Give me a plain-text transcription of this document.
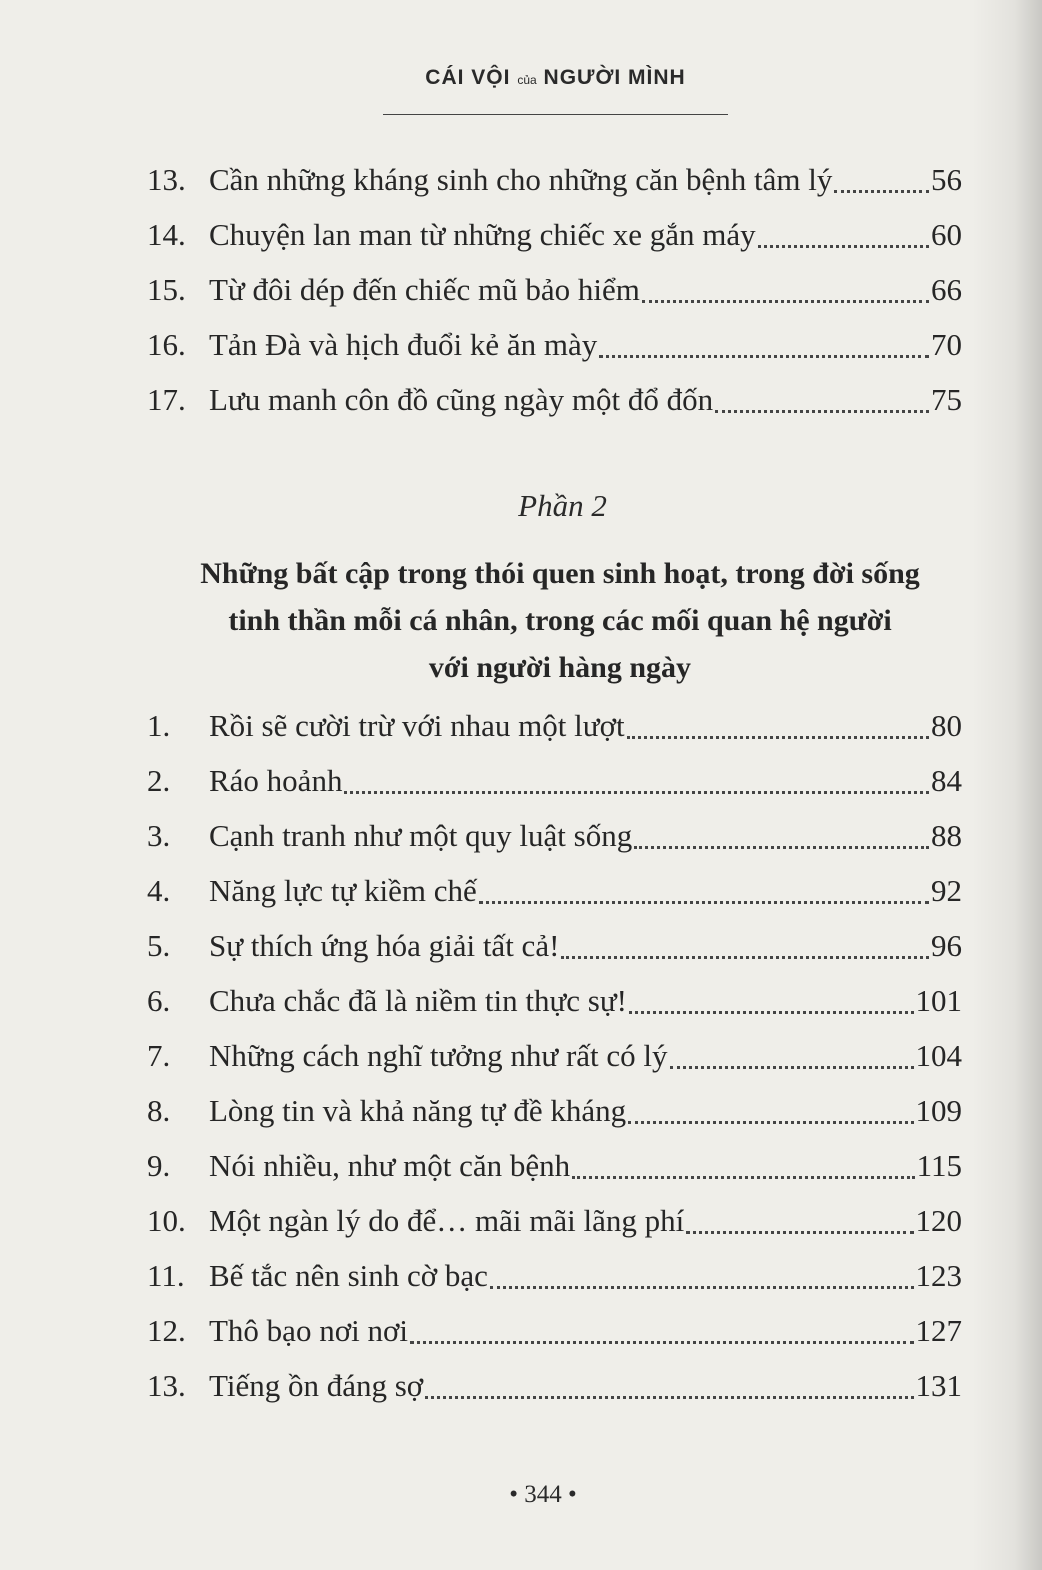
CÁI VỘI của NGƯỜI MÌNH
13. Cần những kháng sinh cho những căn bệnh tâm lý	56
14. Chuyện lan man từ những chiếc xe gắn máy	60
15. Từ đôi dép đến chiếc mũ bảo hiểm	66
16. Tản Đà và hịch đuổi kẻ ăn mày	70
17. Lưu manh côn đồ cũng ngày một đổ đốn	75
Phần 2
Những bất cập trong thói quen sinh hoạt, trong đời sống
tinh thần mỗi cá nhân, trong các mối quan hệ người
với người hàng ngày
1. Rồi sẽ cười trừ với nhau một lượt	80
2. Ráo hoảnh	84
3. Cạnh tranh như một quy luật sống	88
4. Năng lực tự kiềm chế	92
5. Sự thích ứng hóa giải tất cả!	96
6. Chưa chắc đã là niềm tin thực sự!	101
7. Những cách nghĩ tưởng như rất có lý	104
8. Lòng tin và khả năng tự đề kháng	109
9. Nói nhiều, như một căn bệnh	115
10. Một ngàn lý do để… mãi mãi lãng phí	120
11. Bế tắc nên sinh cờ bạc	123
12. Thô bạo nơi nơi	127
13. Tiếng ồn đáng sợ	131
• 344 •
